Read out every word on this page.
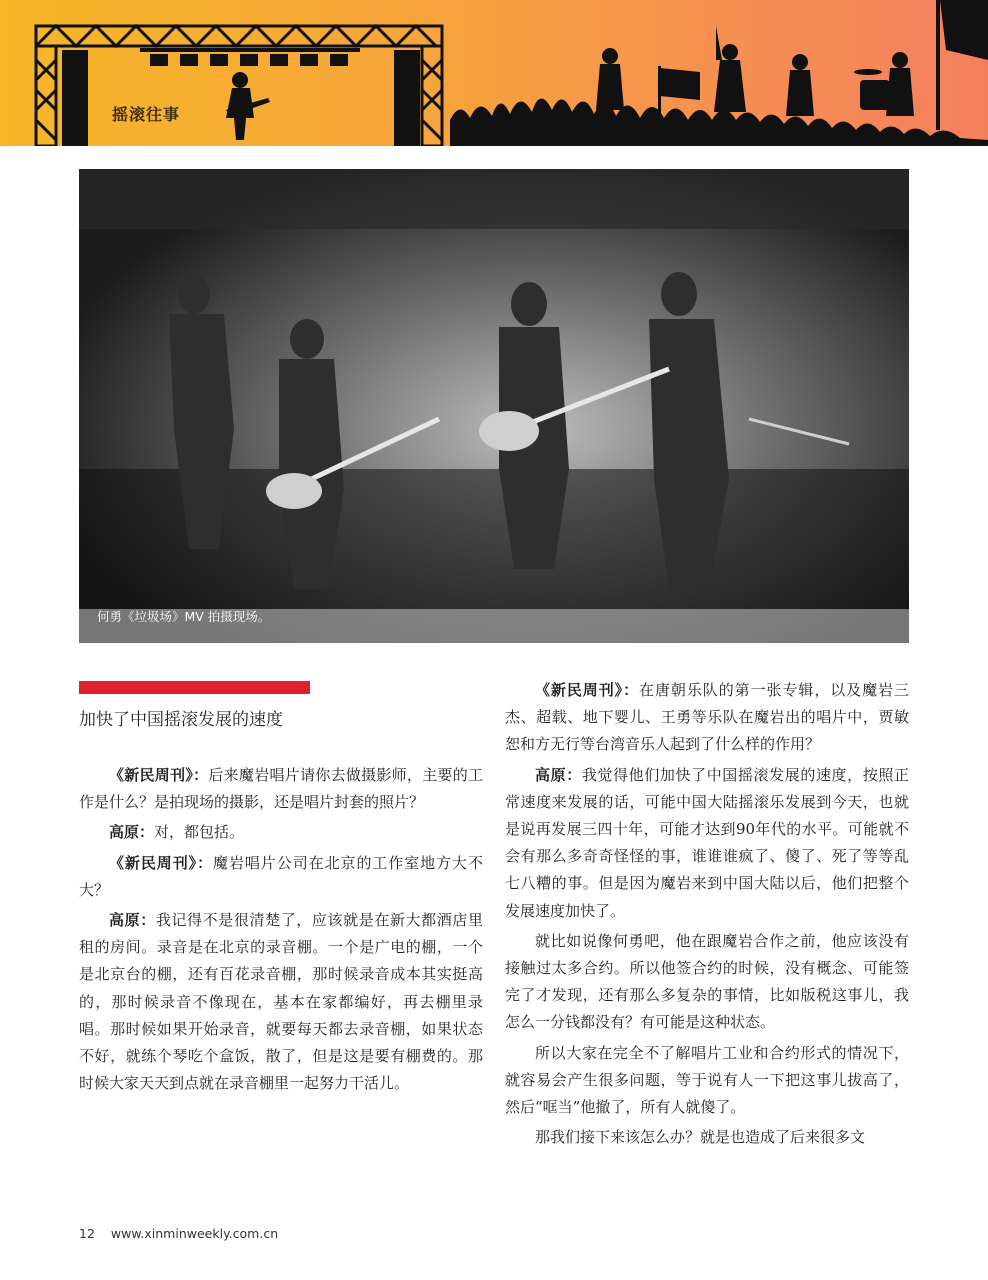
摇滚往事
何勇《垃圾场》MV 拍摄现场。
加快了中国摇滚发展的速度

《新民周刊》：后来魔岩唱片请你去做摄影师，主要的工作是什么？是拍现场的摄影，还是唱片封套的照片？

高原：对，都包括。

《新民周刊》：魔岩唱片公司在北京的工作室地方大不大？

高原：我记得不是很清楚了，应该就是在新大都酒店里租的房间。录音是在北京的录音棚。一个是广电的棚，一个是北京台的棚，还有百花录音棚，那时候录音成本其实挺高的，那时候录音不像现在，基本在家都编好，再去棚里录唱。那时候如果开始录音，就要每天都去录音棚，如果状态不好，就练个琴吃个盒饭，散了，但是这是要有棚费的。那时候大家天天到点就在录音棚里一起努力干活儿。

《新民周刊》：在唐朝乐队的第一张专辑，以及魔岩三杰、超载、地下婴儿、王勇等乐队在魔岩出的唱片中，贾敏恕和方无行等台湾音乐人起到了什么样的作用？

高原：我觉得他们加快了中国摇滚发展的速度，按照正常速度来发展的话，可能中国大陆摇滚乐发展到今天，也就是说再发展三四十年，可能才达到90年代的水平。可能就不会有那么多奇奇怪怪的事，谁谁谁疯了、傻了、死了等等乱七八糟的事。但是因为魔岩来到中国大陆以后，他们把整个发展速度加快了。

就比如说像何勇吧，他在跟魔岩合作之前，他应该没有接触过太多合约。所以他签合约的时候，没有概念、可能签完了才发现，还有那么多复杂的事情，比如版税这事儿，我怎么一分钱都没有？有可能是这种状态。

所以大家在完全不了解唱片工业和合约形式的情况下，就容易会产生很多问题，等于说有人一下把这事儿拔高了，然后“哐当”他撤了，所有人就傻了。

那我们接下来该怎么办？就是也造成了后来很多文

12 www.xinminweekly.com.cn
